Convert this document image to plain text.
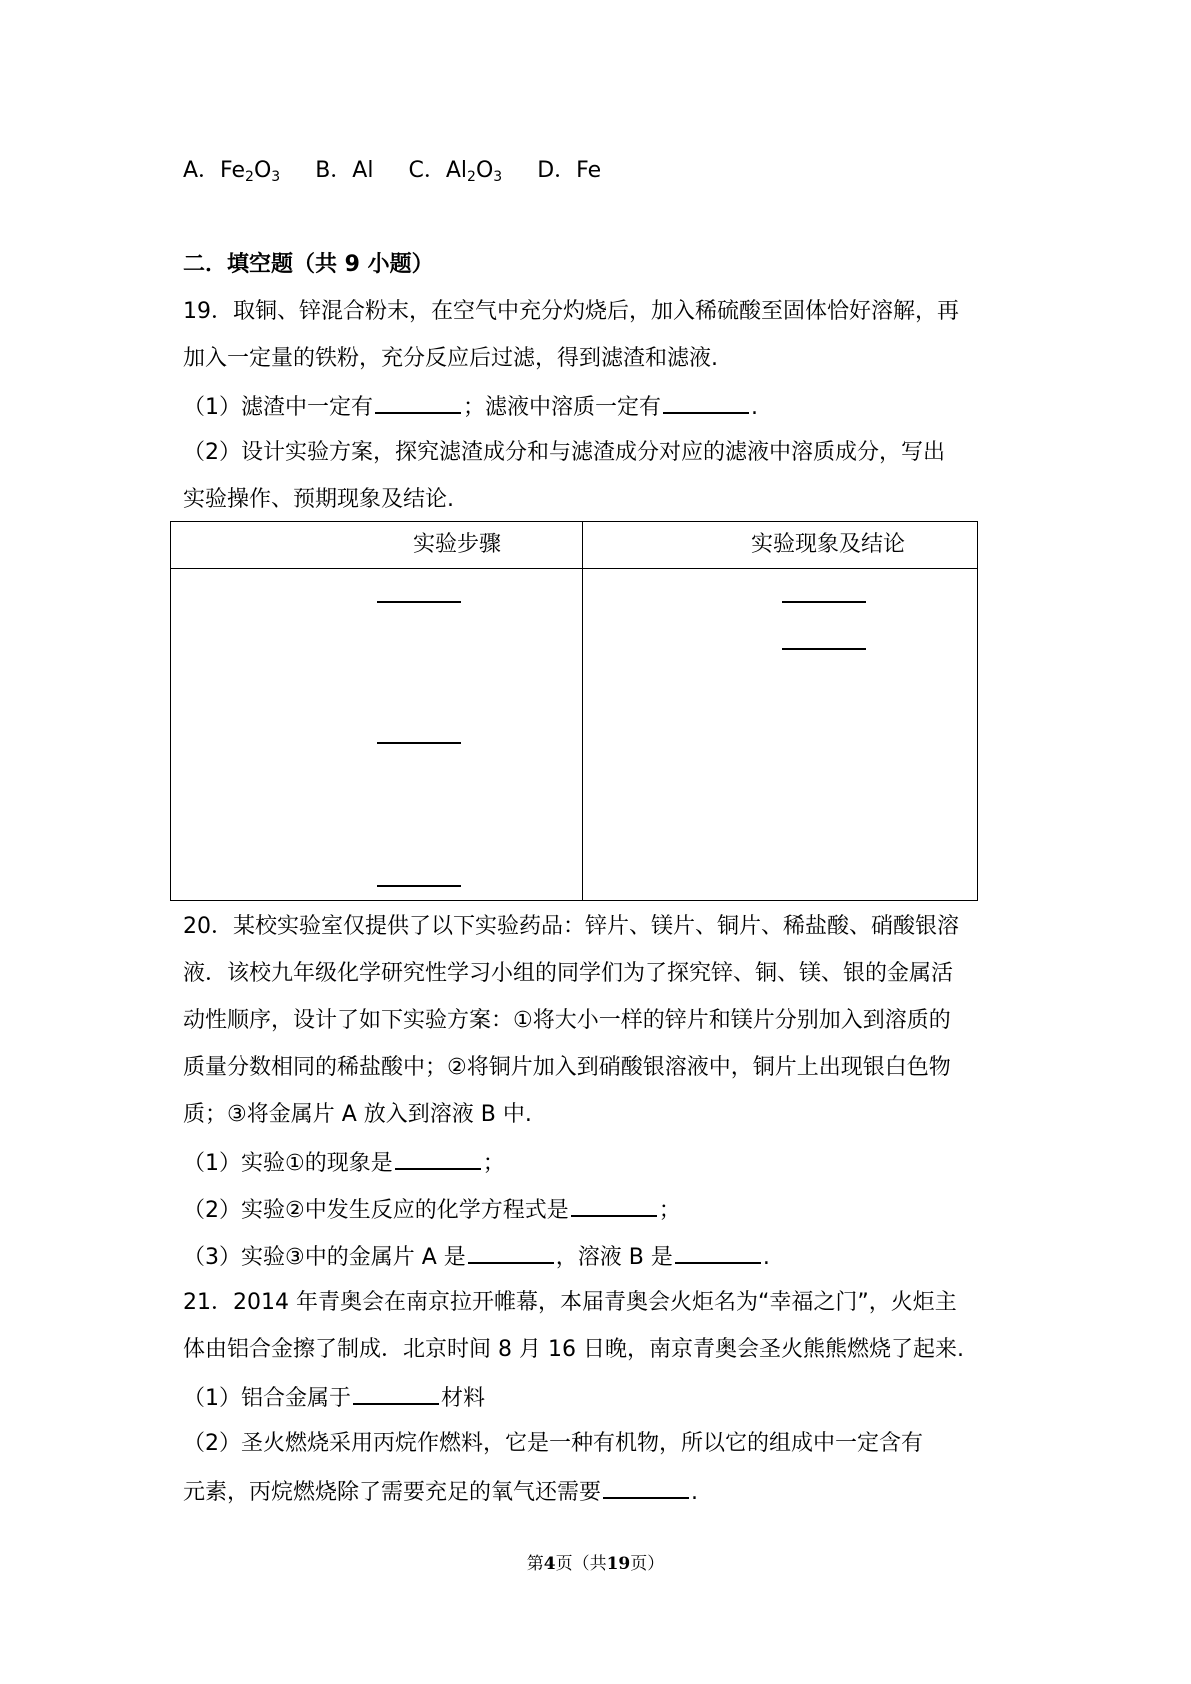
A．$Fe_2O_3$ B．Al C．$Al_2O_3$ D．Fe
二．填空题（共 9 小题）
19．取铜、锌混合粉末，在空气中充分灼烧后，加入稀硫酸至固体恰好溶解，再
加入一定量的铁粉，充分反应后过滤，得到滤渣和滤液.
（1）滤渣中一定有	；滤液中溶质一定有	.
（2）设计实验方案，探究滤渣成分和与滤渣成分对应的滤液中溶质成分，写出
实验操作、预期现象及结论.
实验步骤	实验现象及结论
20．某校实验室仅提供了以下实验药品：锌片、镁片、铜片、稀盐酸、硝酸银溶
液．该校九年级化学研究性学习小组的同学们为了探究锌、铜、镁、银的金属活
动性顺序，设计了如下实验方案：①将大小一样的锌片和镁片分别加入到溶质的
质量分数相同的稀盐酸中；②将铜片加入到硝酸银溶液中，铜片上出现银白色物
质；③将金属片 A 放入到溶液 B 中.
（1）实验①的现象是	；
（2）实验②中发生反应的化学方程式是	；
（3）实验③中的金属片 A 是	，溶液 B 是	.
21．2014 年青奥会在南京拉开帷幕，本届青奥会火炬名为“幸福之门”，火炬主
体由铝合金擦了制成．北京时间 8 月 16 日晚，南京青奥会圣火熊熊燃烧了起来.
（1）铝合金属于	材料
（2）圣火燃烧采用丙烷作燃料，它是一种有机物，所以它的组成中一定含有
元素，丙烷燃烧除了需要充足的氧气还需要	.
第4页（共19页）
